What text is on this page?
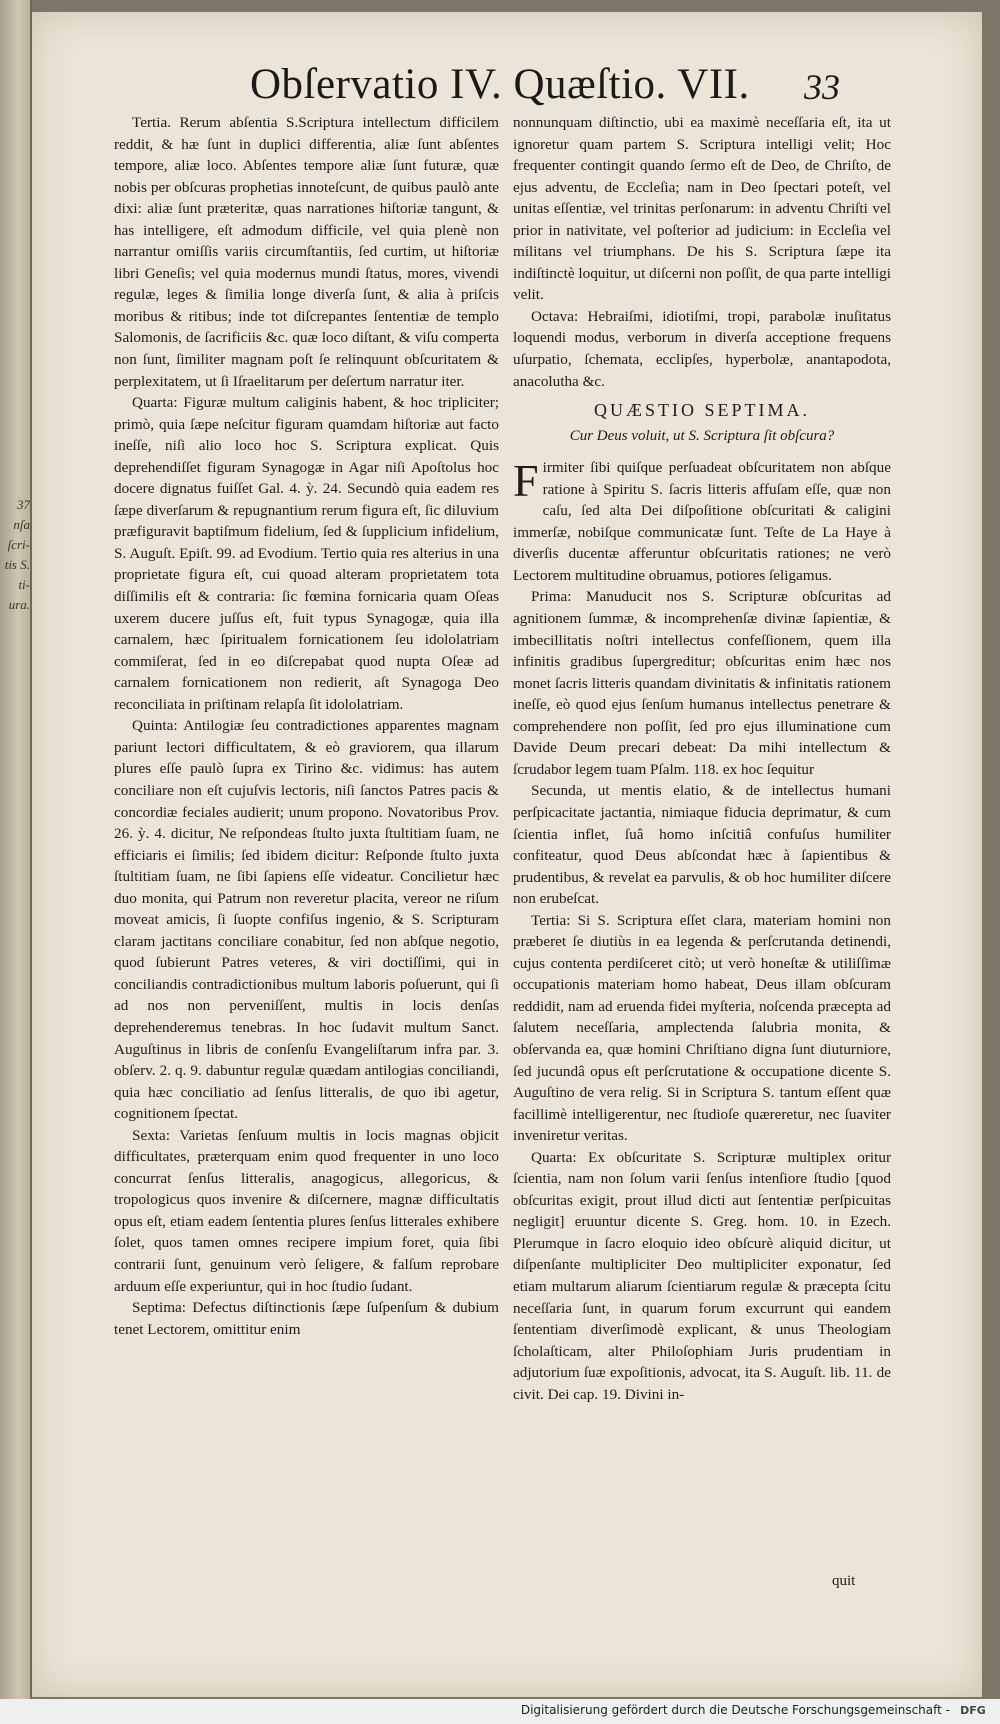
37
nſa
ſcri-
tis S.
ti-
ura.
Obſervatio IV. Quæſtio. VII. 33

Tertia. Rerum abſentia S.Scriptura intellectum difficilem reddit, & hæ ſunt in duplici differentia, aliæ ſunt abſentes tempore, aliæ loco. Abſentes tempore aliæ ſunt futuræ, quæ nobis per obſcuras prophetias innoteſcunt, de quibus paulò ante dixi: aliæ ſunt præteritæ, quas narrationes hiſtoriæ tangunt, & has intelligere, eſt admodum difficile, vel quia plenè non narrantur omiſſis variis circumſtantiis, ſed curtim, ut hiſtoriæ libri Geneſis; vel quia modernus mundi ſtatus, mores, vivendi regulæ, leges & ſimilia longe diverſa ſunt, & alia à priſcis moribus & ritibus; inde tot diſcrepantes ſententiæ de templo Salomonis, de ſacrificiis &c. quæ loco diſtant, & viſu comperta non ſunt, ſimiliter magnam poſt ſe relinquunt obſcuritatem & perplexitatem, ut ſi Iſraelitarum per deſertum narratur iter.

Quarta: Figuræ multum caliginis habent, & hoc tripliciter; primò, quia ſæpe neſcitur figuram quamdam hiſtoriæ aut facto ineſſe, niſi alio loco hoc S. Scriptura explicat. Quis deprehendiſſet figuram Synagogæ in Agar niſi Apoſtolus hoc docere dignatus fuiſſet Gal. 4. ỳ. 24. Secundò quia eadem res ſæpe diverſarum & repugnantium rerum figura eſt, ſic diluvium præfiguravit baptiſmum fidelium, ſed & ſupplicium infidelium, S. Auguſt. Epiſt. 99. ad Evodium. Tertio quia res alterius in una proprietate figura eſt, cui quoad alteram proprietatem tota diſſimilis eſt & contraria: ſic fœmina fornicaria quam Oſeas uxerem ducere juſſus eſt, fuit typus Synagogæ, quia illa carnalem, hæc ſpiritualem fornicationem ſeu idololatriam commiſerat, ſed in eo diſcrepabat quod nupta Oſeæ ad carnalem fornicationem non redierit, aſt Synagoga Deo reconciliata in priſtinam relapſa ſit idololatriam.

Quinta: Antilogiæ ſeu contradictiones apparentes magnam pariunt lectori difficultatem, & eò graviorem, qua illarum plures eſſe paulò ſupra ex Tirino &c. vidimus: has autem conciliare non eſt cujuſvis lectoris, niſi ſanctos Patres pacis & concordiæ feciales audierit; unum propono. Novatoribus Prov. 26. ỳ. 4. dicitur, Ne reſpondeas ſtulto juxta ſtultitiam ſuam, ne efficiaris ei ſimilis; ſed ibidem dicitur: Reſponde ſtulto juxta ſtultitiam ſuam, ne ſibi ſapiens eſſe videatur. Concilietur hæc duo monita, qui Patrum non reveretur placita, vereor ne riſum moveat amicis, ſi ſuopte confiſus ingenio, & S. Scripturam claram jactitans conciliare conabitur, ſed non abſque negotio, quod ſubierunt Patres veteres, & viri doctiſſimi, qui in conciliandis contradictionibus multum laboris poſuerunt, qui ſi ad nos non perveniſſent, multis in locis denſas deprehenderemus tenebras. In hoc ſudavit multum Sanct. Auguſtinus in libris de conſenſu Evangeliſtarum infra par. 3. obſerv. 2. q. 9. dabuntur regulæ quædam antilogias conciliandi, quia hæc conciliatio ad ſenſus litteralis, de quo ibi agetur, cognitionem ſpectat.

Sexta: Varietas ſenſuum multis in locis magnas objicit difficultates, præterquam enim quod frequenter in uno loco concurrat ſenſus litteralis, anagogicus, allegoricus, & tropologicus quos invenire & diſcernere, magnæ difficultatis opus eſt, etiam eadem ſententia plures ſenſus litterales exhibere ſolet, quos tamen omnes recipere impium foret, quia ſibi contrarii ſunt, genuinum verò ſeligere, & falſum reprobare arduum eſſe experiuntur, qui in hoc ſtudio ſudant.

Septima: Defectus diſtinctionis ſæpe ſuſpenſum & dubium tenet Lectorem, omittitur enim

nonnunquam diſtinctio, ubi ea maximè neceſſaria eſt, ita ut ignoretur quam partem S. Scriptura intelligi velit; Hoc frequenter contingit quando ſermo eſt de Deo, de Chriſto, de ejus adventu, de Eccleſia; nam in Deo ſpectari poteſt, vel unitas eſſentiæ, vel trinitas perſonarum: in adventu Chriſti vel prior in nativitate, vel poſterior ad judicium: in Eccleſia vel militans vel triumphans. De his S. Scriptura ſæpe ita indiſtinctè loquitur, ut diſcerni non poſſit, de qua parte intelligi velit.

Octava: Hebraiſmi, idiotiſmi, tropi, parabolæ inuſitatus loquendi modus, verborum in diverſa acceptione frequens uſurpatio, ſchemata, ecclipſes, hyperbolæ, anantapodota, anacolutha &c.

QUÆSTIO SEPTIMA.
Cur Deus voluit, ut S. Scriptura ſit obſcura?

Firmiter ſibi quiſque perſuadeat obſcuritatem non abſque ratione à Spiritu S. ſacris litteris affuſam eſſe, quæ non caſu, ſed alta Dei diſpoſitione obſcuritati & caligini immerſæ, nobiſque communicatæ ſunt. Teſte de La Haye à diverſis ducentæ afferuntur obſcuritatis rationes; ne verò Lectorem multitudine obruamus, potiores ſeligamus.

Prima: Manuducit nos S. Scripturæ obſcuritas ad agnitionem ſummæ, & incomprehenſæ divinæ ſapientiæ, & imbecillitatis noſtri intellectus confeſſionem, quem illa infinitis gradibus ſupergreditur; obſcuritas enim hæc nos monet ſacris litteris quandam divinitatis & infinitatis rationem ineſſe, eò quod ejus ſenſum humanus intellectus penetrare & comprehendere non poſſit, ſed pro ejus illuminatione cum Davide Deum precari debeat: Da mihi intellectum & ſcrudabor legem tuam Pſalm. 118. ex hoc ſequitur

Secunda, ut mentis elatio, & de intellectus humani perſpicacitate jactantia, nimiaque fiducia deprimatur, & cum ſcientia inflet, ſuâ homo inſcitiâ confuſus humiliter confiteatur, quod Deus abſcondat hæc à ſapientibus & prudentibus, & revelat ea parvulis, & ob hoc humiliter diſcere non erubeſcat.

Tertia: Si S. Scriptura eſſet clara, materiam homini non præberet ſe diutiùs in ea legenda & perſcrutanda detinendi, cujus contenta perdiſceret citò; ut verò honeſtæ & utiliſſimæ occupationis materiam homo habeat, Deus illam obſcuram reddidit, nam ad eruenda fidei myſteria, noſcenda præcepta ad ſalutem neceſſaria, amplectenda ſalubria monita, & obſervanda ea, quæ homini Chriſtiano digna ſunt diuturniore, ſed jucundâ opus eſt perſcrutatione & occupatione dicente S. Auguſtino de vera relig. Si in Scriptura S. tantum eſſent quæ facillimè intelligerentur, nec ſtudioſe quæreretur, nec ſuaviter inveniretur veritas.

Quarta: Ex obſcuritate S. Scripturæ multiplex oritur ſcientia, nam non ſolum varii ſenſus intenſiore ſtudio [quod obſcuritas exigit, prout illud dicti aut ſententiæ perſpicuitas negligit] eruuntur dicente S. Greg. hom. 10. in Ezech. Plerumque in ſacro eloquio ideo obſcurè aliquid dicitur, ut diſpenſante multipliciter Deo multipliciter exponatur, ſed etiam multarum aliarum ſcientiarum regulæ & præcepta ſcitu neceſſaria ſunt, in quarum forum excurrunt qui eandem ſententiam diverſimodè explicant, & unus Theologiam ſcholaſticam, alter Philoſophiam Juris prudentiam in adjutorium ſuæ expoſitionis, advocat, ita S. Auguſt. lib. 11. de civit. Dei cap. 19. Divini in-

quit
Digitalisierung gefördert durch die Deutsche Forschungsgemeinschaft - DFG
